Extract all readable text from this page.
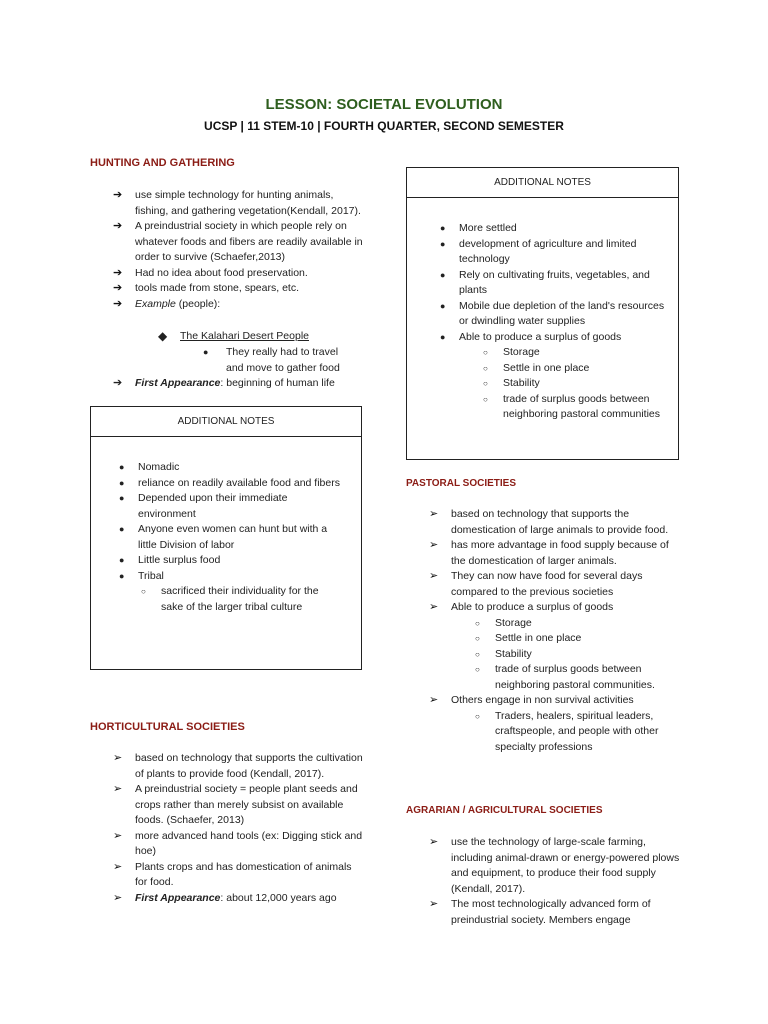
LESSON: SOCIETAL EVOLUTION
UCSP | 11 STEM-10 | FOURTH QUARTER, SECOND SEMESTER
HUNTING AND GATHERING
➔ use simple technology for hunting animals, fishing, and gathering vegetation(Kendall, 2017).
➔ A preindustrial society in which people rely on whatever foods and fibers are readily available in order to survive (Schaefer,2013)
➔ Had no idea about food preservation.
➔ tools made from stone, spears, etc.
➔ Example (people):
◆ The Kalahari Desert People
●	They really had to travel and move to gather food
➔ First Appearance: beginning of human life
ADDITIONAL NOTES
● Nomadic
● reliance on readily available food and fibers
● Depended upon their immediate environment
● Anyone even women can hunt but with a little Division of labor
● Little surplus food
● Tribal
○ sacrificed their individuality for the sake of the larger tribal culture
HORTICULTURAL SOCIETIES
➢ based on technology that supports the cultivation of plants to provide food (Kendall, 2017).
➢ A preindustrial society = people plant seeds and crops rather than merely subsist on available foods. (Schaefer, 2013)
➢ more advanced hand tools (ex: Digging stick and hoe)
➢ Plants crops and has domestication of animals for food.
➢ First Appearance: about 12,000 years ago
ADDITIONAL NOTES
● More settled
● development of agriculture and limited technology
● Rely on cultivating fruits, vegetables, and plants
● Mobile due depletion of the land's resources or dwindling water supplies
● Able to produce a surplus of goods
○ Storage
○ Settle in one place
○ Stability
○ trade of surplus goods between neighboring pastoral communities
PASTORAL SOCIETIES
➢ based on technology that supports the domestication of large animals to provide food.
➢ has more advantage in food supply because of the domestication of larger animals.
➢ They can now have food for several days compared to the previous societies
➢ Able to produce a surplus of goods
○ Storage
○ Settle in one place
○ Stability
○ trade of surplus goods between neighboring pastoral communities.
➢ Others engage in non survival activities
○ Traders, healers, spiritual leaders, craftspeople, and people with other specialty professions
AGRARIAN / AGRICULTURAL SOCIETIES
➢ use the technology of large-scale farming, including animal-drawn or energy-powered plows and equipment, to produce their food supply (Kendall, 2017).
➢ The most technologically advanced form of preindustrial society. Members engage
